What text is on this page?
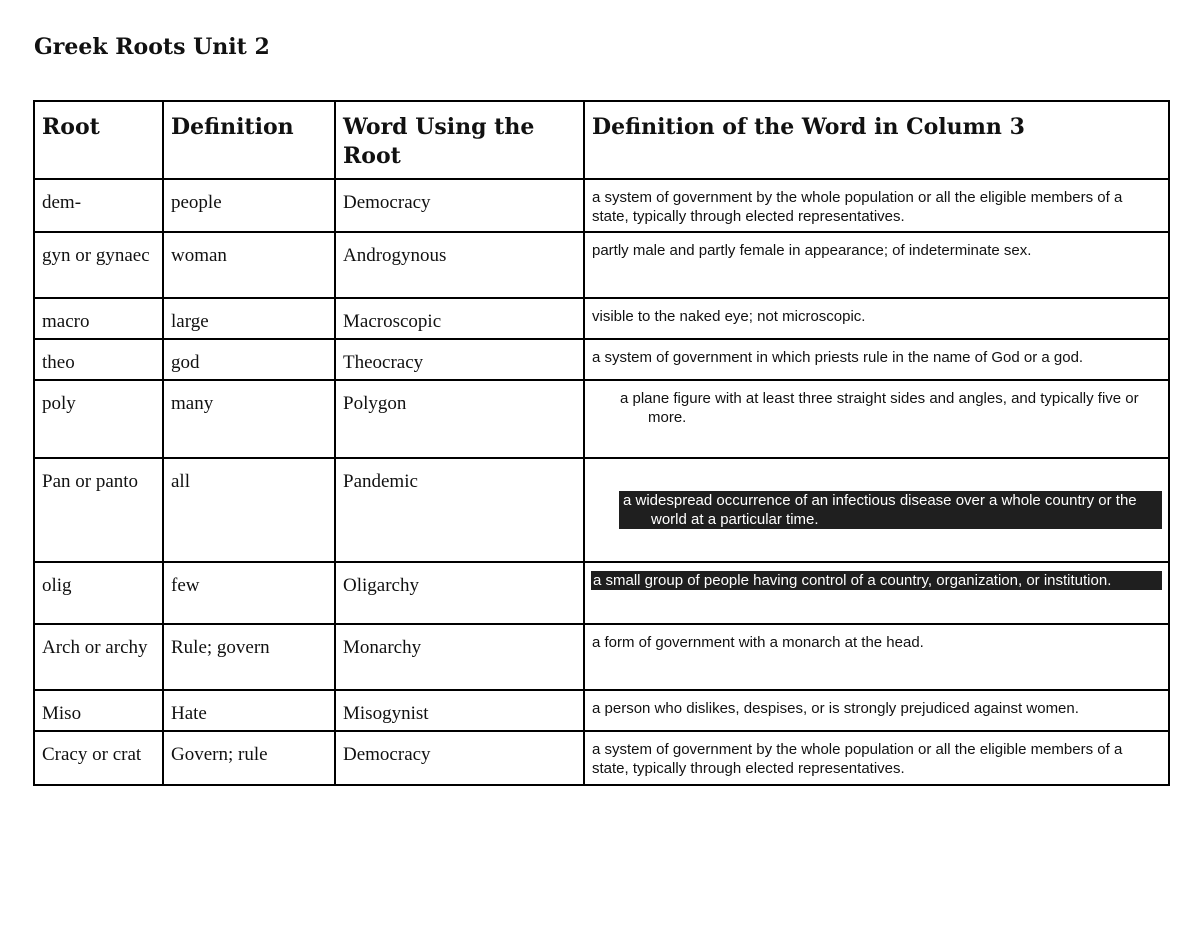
Greek Roots Unit 2
Root	Definition	Word Using the Root	Definition of the Word in Column 3

dem-	people	Democracy	a system of government by the whole population or all the eligible members of a state, typically through elected representatives.

gyn or gynaec	woman	Androgynous	partly male and partly female in appearance; of indeterminate sex.

macro	large	Macroscopic	visible to the naked eye; not microscopic.

theo	god	Theocracy	a system of government in which priests rule in the name of God or a god.

poly	many	Polygon	a plane figure with at least three straight sides and angles, and typically five or more.

Pan or panto	all	Pandemic	a widespread occurrence of an infectious disease over a whole country or the world at a particular time.

olig	few	Oligarchy	a small group of people having control of a country, organization, or institution.

Arch or archy	Rule; govern	Monarchy	a form of government with a monarch at the head.

Miso	Hate	Misogynist	a person who dislikes, despises, or is strongly prejudiced against women.

Cracy or crat	Govern; rule	Democracy	a system of government by the whole population or all the eligible members of a state, typically through elected representatives.
